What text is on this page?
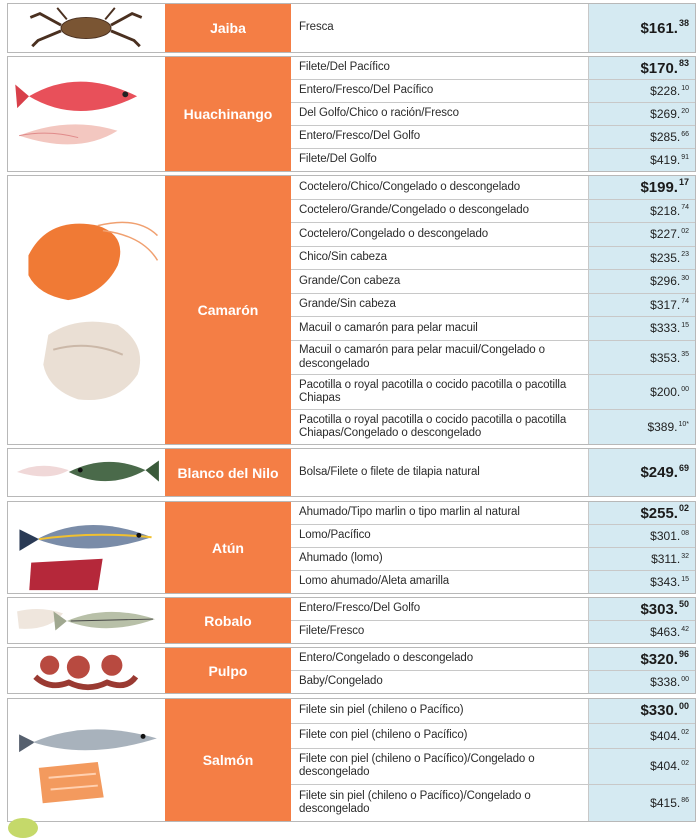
Jaiba	Fresca	$161. 38
Huachinango
Filete/Del Pacífico	$170. 83
Entero/Fresco/Del Pacífico	$228. 10
Del Golfo/Chico o ración/Fresco	$269. 20
Entero/Fresco/Del Golfo	$285. 66
Filete/Del Golfo	$419. 91
Camarón
Coctelero/Chico/Congelado o descongelado	$199. 17
Coctelero/Grande/Congelado o descongelado	$218. 74
Coctelero/Congelado o descongelado	$227. 02
Chico/Sin cabeza	$235. 23
Grande/Con cabeza	$296. 30
Grande/Sin cabeza	$317. 74
Macuil o camarón para pelar macuil	$333. 15
Macuil o camarón para pelar macuil/Congelado o descongelado	$353. 35
Pacotilla o royal pacotilla o cocido pacotilla o pacotilla Chiapas	$200. 00
Pacotilla o royal pacotilla o cocido pacotilla o pacotilla Chiapas/Congelado o descongelado	$389. 10*
Blanco del Nilo	Bolsa/Filete o filete de tilapia natural	$249. 69
Atún
Ahumado/Tipo marlin o tipo marlin al natural	$255. 02
Lomo/Pacífico	$301. 08
Ahumado (lomo)	$311. 32
Lomo ahumado/Aleta amarilla	$343. 15
Robalo
Entero/Fresco/Del Golfo	$303. 50
Filete/Fresco	$463. 42
Pulpo
Entero/Congelado o descongelado	$320. 96
Baby/Congelado	$338. 00
Salmón
Filete sin piel (chileno o Pacífico)	$330. 00
Filete con piel (chileno o Pacífico)	$404. 02
Filete con piel (chileno o Pacífico)/Congelado o descongelado	$404. 02
Filete sin piel (chileno o Pacífico)/Congelado o descongelado	$415. 86
